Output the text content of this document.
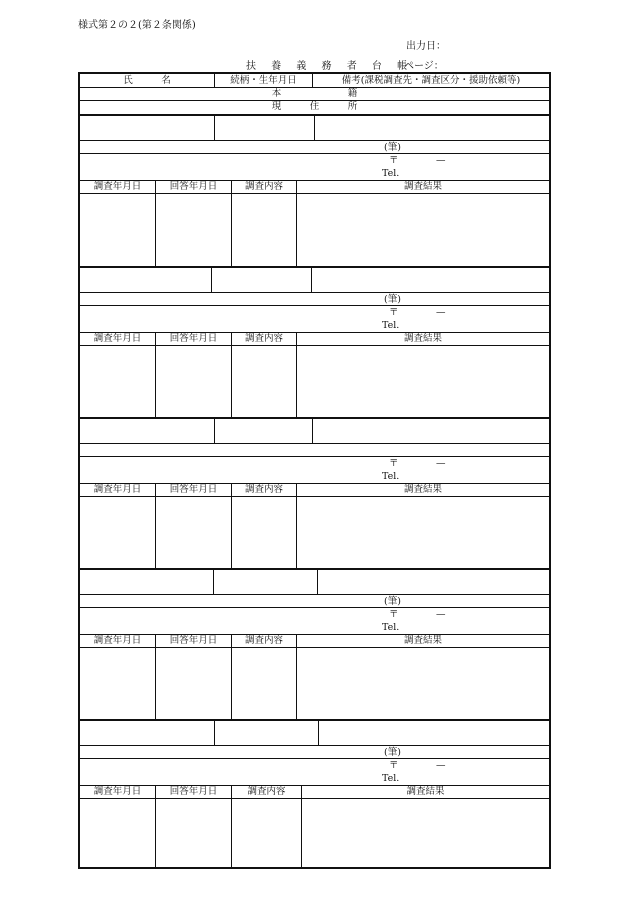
様式第２の２(第２条関係)
出力日：
扶 養 義 務 者 台 帳
ページ：
氏　　　名	続柄・生年月日	備考(課税調査先・調査区分・援助依頼等)
本　　　　　　　籍
現　　　住　　　所
(筆)
〒	—
Tel.
調査年月日	回答年月日	調査内容	調査結果
(筆)
〒	—
Tel.
調査年月日	回答年月日	調査内容	調査結果
〒	—
Tel.
調査年月日	回答年月日	調査内容	調査結果
(筆)
〒	—
Tel.
調査年月日	回答年月日	調査内容	調査結果
(筆)
〒	—
Tel.
調査年月日	回答年月日	調査内容	調査結果
